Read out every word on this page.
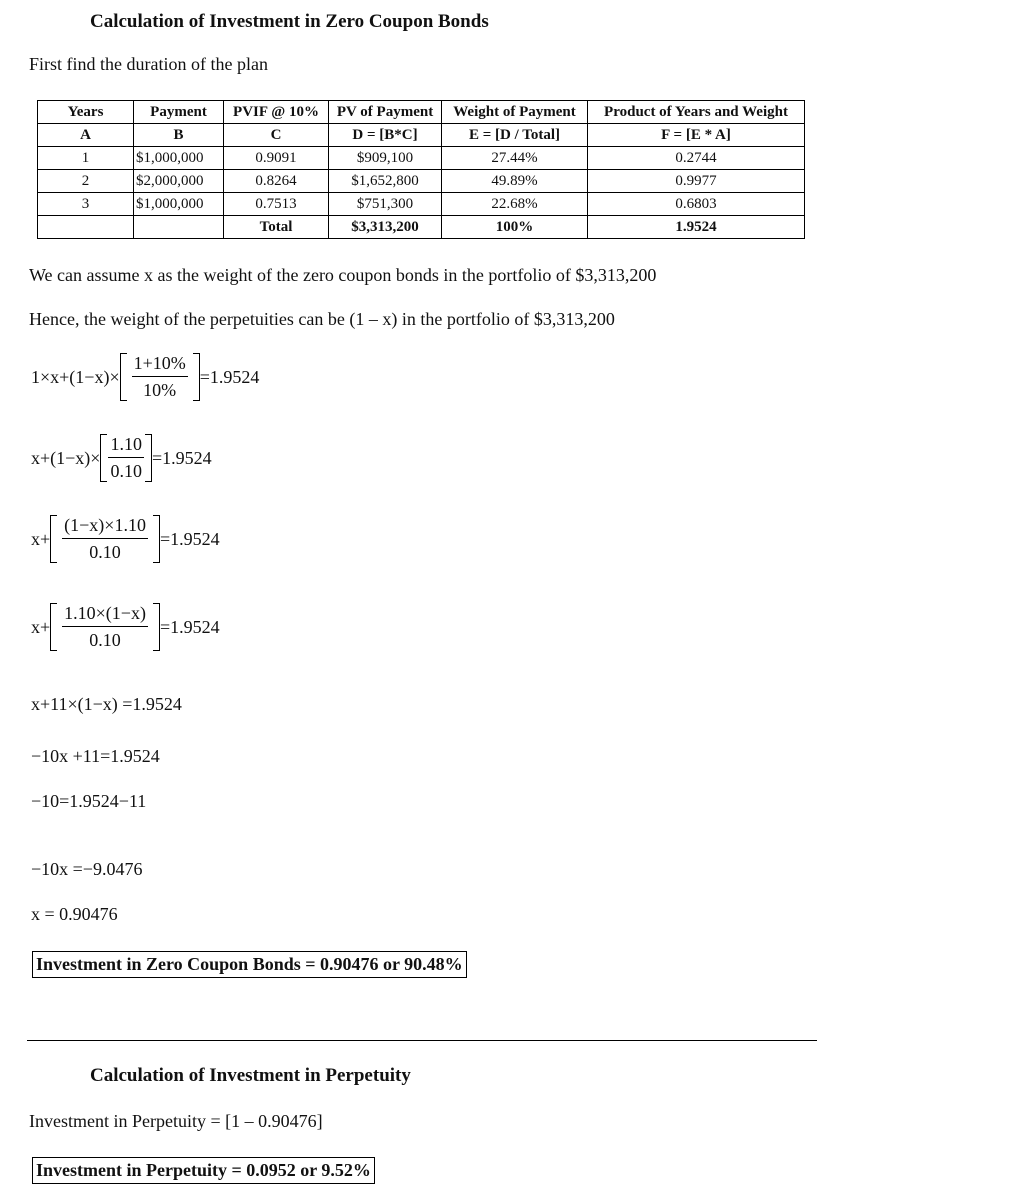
Calculation of Investment in Zero Coupon Bonds
First find the duration of the plan
Years	Payment	PVIF @ 10%	PV of Payment	Weight of Payment	Product of Years and Weight
A	B	C	D = [B*C]	E = [D / Total]	F = [E * A]
1	$1,000,000	0.9091	$909,100	27.44%	0.2744
2	$2,000,000	0.8264	$1,652,800	49.89%	0.9977
3	$1,000,000	0.7513	$751,300	22.68%	0.6803
		Total	$3,313,200	100%	1.9524
We can assume x as the weight of the zero coupon bonds in the portfolio of $3,313,200
Hence, the weight of the perpetuities can be (1 – x) in the portfolio of $3,313,200
$1\times x+(1-x)\times \frac{1+10\%}{10\%} =1.9524$
$x+(1-x)\times \frac{1.10}{0.10} =1.9524$
$x+ \frac{(1-x)\times 1.10}{0.10} =1.9524$
$x+ \frac{1.10\times(1-x)}{0.10} =1.9524$
x+11×(1−x) =1.9524
−10x +11=1.9524
−10=1.9524−11
−10x =−9.0476
x = 0.90476
Investment in Zero Coupon Bonds = 0.90476 or 90.48%
Calculation of Investment in Perpetuity
Investment in Perpetuity = [1 – 0.90476]
Investment in Perpetuity = 0.0952 or 9.52%
